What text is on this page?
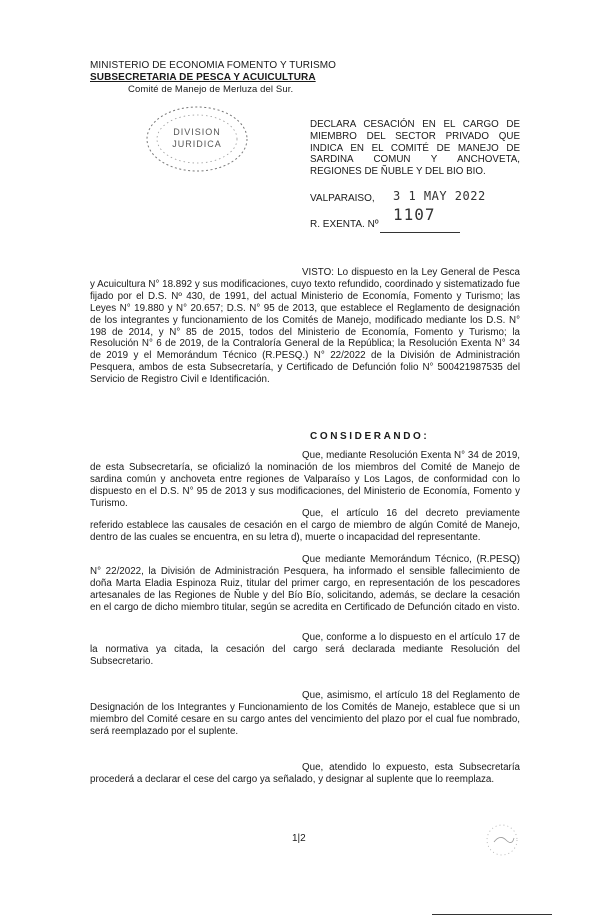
MINISTERIO DE ECONOMIA FOMENTO Y TURISMO
SUBSECRETARIA DE PESCA Y ACUICULTURA
Comité de Manejo de Merluza del Sur.
DIVISION
JURIDICA
DECLARA CESACIÓN EN EL CARGO DE MIEMBRO DEL SECTOR PRIVADO QUE INDICA EN EL COMITÉ DE MANEJO DE SARDINA COMUN Y ANCHOVETA, REGIONES DE ÑUBLE Y DEL BIO BIO.
VALPARAISO, 3 1 MAY 2022
R. EXENTA. Nº
1107
VISTO: Lo dispuesto en la Ley General de Pesca y Acuicultura N° 18.892 y sus modificaciones, cuyo texto refundido, coordinado y sistematizado fue fijado por el D.S. Nº 430, de 1991, del actual Ministerio de Economía, Fomento y Turismo; las Leyes N° 19.880 y N° 20.657; D.S. N° 95 de 2013, que establece el Reglamento de designación de los integrantes y funcionamiento de los Comités de Manejo, modificado mediante los D.S. N° 198 de 2014, y N° 85 de 2015, todos del Ministerio de Economía, Fomento y Turismo; la Resolución N° 6 de 2019, de la Contraloría General de la República; la Resolución Exenta N° 34 de 2019 y el Memorándum Técnico (R.PESQ.) N° 22/2022 de la División de Administración Pesquera, ambos de esta Subsecretaría, y Certificado de Defunción folio N° 500421987535 del Servicio de Registro Civil e Identificación.
CONSIDERANDO:
Que, mediante Resolución Exenta N° 34 de 2019, de esta Subsecretaría, se oficializó la nominación de los miembros del Comité de Manejo de sardina común y anchoveta entre regiones de Valparaíso y Los Lagos, de conformidad con lo dispuesto en el D.S. N° 95 de 2013 y sus modificaciones, del Ministerio de Economía, Fomento y Turismo.
Que, el artículo 16 del decreto previamente referido establece las causales de cesación en el cargo de miembro de algún Comité de Manejo, dentro de las cuales se encuentra, en su letra d), muerte o incapacidad del representante.
Que mediante Memorándum Técnico, (R.PESQ) N° 22/2022, la División de Administración Pesquera, ha informado el sensible fallecimiento de doña Marta Eladia Espinoza Ruiz, titular del primer cargo, en representación de los pescadores artesanales de las Regiones de Ñuble y del Bío Bío, solicitando, además, se declare la cesación en el cargo de dicho miembro titular, según se acredita en Certificado de Defunción citado en visto.
Que, conforme a lo dispuesto en el artículo 17 de la normativa ya citada, la cesación del cargo será declarada mediante Resolución del Subsecretario.
Que, asimismo, el artículo 18 del Reglamento de Designación de los Integrantes y Funcionamiento de los Comités de Manejo, establece que si un miembro del Comité cesare en su cargo antes del vencimiento del plazo por el cual fue nombrado, será reemplazado por el suplente.
Que, atendido lo expuesto, esta Subsecretaría procederá a declarar el cese del cargo ya señalado, y designar al suplente que lo reemplaza.
1|2
